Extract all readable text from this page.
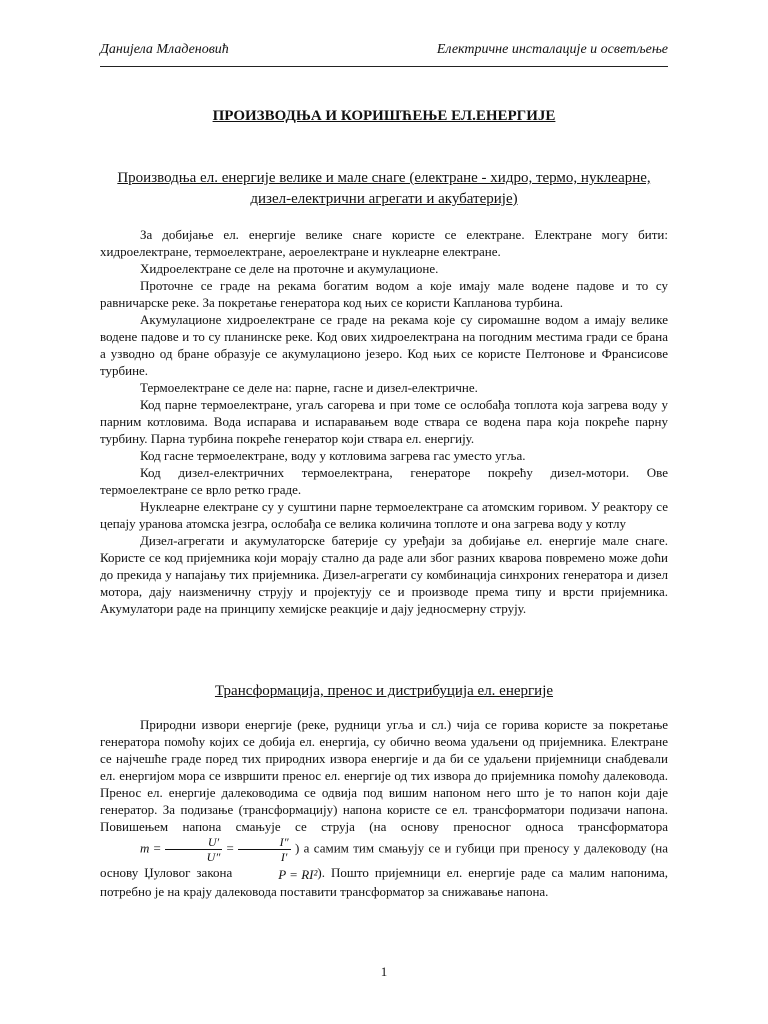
Даниjела Младеновић	Електричне инсталације и осветљење
ПРОИЗВОДЊА И КОРИШЋЕЊЕ ЕЛ.ЕНЕРГИЈЕ
Производња ел. енергије велике и мале снаге (електране - хидро, термо, нуклеарне, дизел-електрични агрегати и акубатерије)

За добијање ел. енергије велике снаге користе се електране. Електране могу бити: хидроелектране, термоелектране, аероелектране и нуклеарне електране.

Хидроелектране се деле на проточне и акумулационе.

Проточне се граде на рекама богатим водом а које имају мале водене падове и то су равничарске реке. За покретање генератора код њих се користи Капланова турбина.

Акумулационе хидроелектране се граде на рекама које су сиромашне водом а имају велике водене падове и то су планинске реке. Код ових хидроелектрана на погодним местима гради се брана а узводно од бране образује се акумулационо језеро. Код њих се користе Пелтонове и Франсисове турбине.

Термоелектране се деле на: парне, гасне и дизел-електричне.

Код парне термоелектране, угаљ сагорева и при томе се ослобађа топлота која загрева воду у парним котловима. Вода испарава и испаравањем воде ствара се водена пара која покреће парну турбину. Парна турбина покреће генератор који ствара ел. енергију.

Код гасне термоелектране, воду у котловима загрева гас уместо угља.

Код дизел-електричних термоелектрана, генераторе покрећу дизел-мотори. Ове термоелектране се врло ретко граде.

Нуклеарне електране су у суштини парне термоелектране са атомским горивом. У реактору се цепају уранова атомска језгра, ослобађа се велика количина топлоте и она загрева воду у котлу

Дизел-агрегати и акумулаторске батерије су уређаји за добијање ел. енергије мале снаге. Користе се код пријемника који морају стално да раде али због разних кварова повремено може доћи до прекида у напајању тих пријемника. Дизел-агрегати су комбинација синхроних генератора и дизел мотора, дају наизменичну струју и пројектују се и производе према типу и врсти пријемника. Акумулатори раде на принципу хемијске реакције и дају једносмерну струју.

Трансформација, пренос и дистрибуција ел. енергије

Природни извори енергије (реке, рудници угља и сл.) чија се горива користе за покретање генератора помоћу којих се добија ел. енергија, су обично веома удаљени од пријемника. Електране се најчешће граде поред тих природних извора енергије и да би се удаљени пријемници снабдевали ел. енергијом мора се извршити пренос ел. енергије од тих извора до пријемника помоћу далековода. Пренос ел. енергије далеководима се одвија под вишим напоном него што је то напон који даје генератор. За подизање (трансформацију) напона користе се ел. трансформатори подизачи напона. Повишењем напона смањује се струја (на основу преносног односа трансформатора $m = \frac{U'}{U''} = \frac{I''}{I'}$ ) а самим тим смањују се и губици при преносу у далеководу (на основу Џуловог закона	P = RI²). Пошто пријемници ел. енергије раде са малим напонима, потребно је на крају далековода поставити трансформатор за снижавање напона.

1
